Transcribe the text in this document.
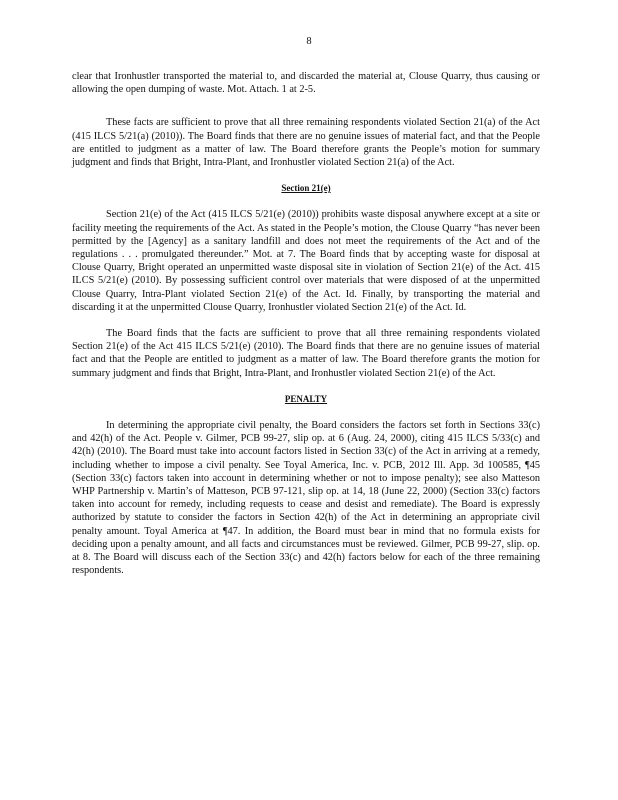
8

clear that Ironhustler transported the material to, and discarded the material at, Clouse Quarry, thus causing or allowing the open dumping of waste. Mot. Attach. 1 at 2-5.

These facts are sufficient to prove that all three remaining respondents violated Section 21(a) of the Act (415 ILCS 5/21(a) (2010)). The Board finds that there are no genuine issues of material fact, and that the People are entitled to judgment as a matter of law. The Board therefore grants the People’s motion for summary judgment and finds that Bright, Intra-Plant, and Ironhustler violated Section 21(a) of the Act.

Section 21(e)

Section 21(e) of the Act (415 ILCS 5/21(e) (2010)) prohibits waste disposal anywhere except at a site or facility meeting the requirements of the Act. As stated in the People’s motion, the Clouse Quarry “has never been permitted by the [Agency] as a sanitary landfill and does not meet the requirements of the Act and of the regulations . . . promulgated thereunder.” Mot. at 7. The Board finds that by accepting waste for disposal at Clouse Quarry, Bright operated an unpermitted waste disposal site in violation of Section 21(e) of the Act. 415 ILCS 5/21(e) (2010). By possessing sufficient control over materials that were disposed of at the unpermitted Clouse Quarry, Intra-Plant violated Section 21(e) of the Act. Id. Finally, by transporting the material and discarding it at the unpermitted Clouse Quarry, Ironhustler violated Section 21(e) of the Act. Id.

The Board finds that the facts are sufficient to prove that all three remaining respondents violated Section 21(e) of the Act 415 ILCS 5/21(e) (2010). The Board finds that there are no genuine issues of material fact and that the People are entitled to judgment as a matter of law. The Board therefore grants the motion for summary judgment and finds that Bright, Intra-Plant, and Ironhustler violated Section 21(e) of the Act.

PENALTY

In determining the appropriate civil penalty, the Board considers the factors set forth in Sections 33(c) and 42(h) of the Act. People v. Gilmer, PCB 99-27, slip op. at 6 (Aug. 24, 2000), citing 415 ILCS 5/33(c) and 42(h) (2010). The Board must take into account factors listed in Section 33(c) of the Act in arriving at a remedy, including whether to impose a civil penalty. See Toyal America, Inc. v. PCB, 2012 Ill. App. 3d 100585, ¶45 (Section 33(c) factors taken into account in determining whether or not to impose penalty); see also Matteson WHP Partnership v. Martin’s of Matteson, PCB 97-121, slip op. at 14, 18 (June 22, 2000) (Section 33(c) factors taken into account for remedy, including requests to cease and desist and remediate). The Board is expressly authorized by statute to consider the factors in Section 42(h) of the Act in determining an appropriate civil penalty amount. Toyal America at ¶47. In addition, the Board must bear in mind that no formula exists for deciding upon a penalty amount, and all facts and circumstances must be reviewed. Gilmer, PCB 99-27, slip. op. at 8. The Board will discuss each of the Section 33(c) and 42(h) factors below for each of the three remaining respondents.
